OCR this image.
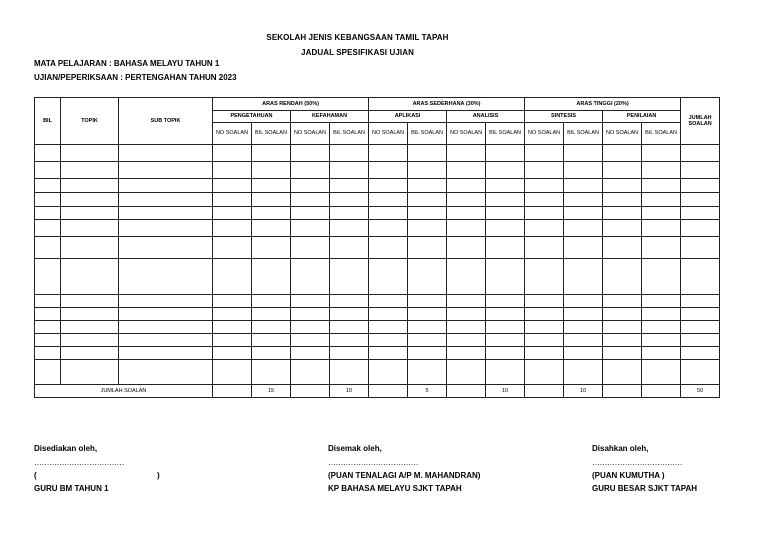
SEKOLAH JENIS KEBANGSAAN TAMIL TAPAH
JADUAL SPESIFIKASI UJIAN
MATA PELAJARAN : BAHASA MELAYU TAHUN 1
UJIAN/PEPERIKSAAN : PERTENGAHAN TAHUN 2023
BIL	TOPIK	SUB TOPIK	ARAS RENDAH (50%)				ARAS SEDERHANA (30%)				ARAS TINGGI (20%)				JUMLAH SOALAN
			PENGETAHUAN		KEFAHAMAN		APLIKASI		ANALISIS		SINTESIS		PENILAIAN		
			NO SOALAN	BIL SOALAN	NO SOALAN	BIL SOALAN	NO SOALAN	BIL SOALAN	NO SOALAN	BIL SOALAN	NO SOALAN	BIL SOALAN	NO SOALAN	BIL SOALAN	

JUMLAH SOALAN				15		10		5		10		10			50
Disediakan oleh,
………………………………
(	)
GURU BM TAHUN 1
Disemak oleh,
………………………………
(PUAN TENALAGI A/P M. MAHANDRAN)
KP BAHASA MELAYU SJKT TAPAH
Disahkan oleh,
………………………………
(PUAN KUMUTHA )
GURU BESAR SJKT TAPAH
